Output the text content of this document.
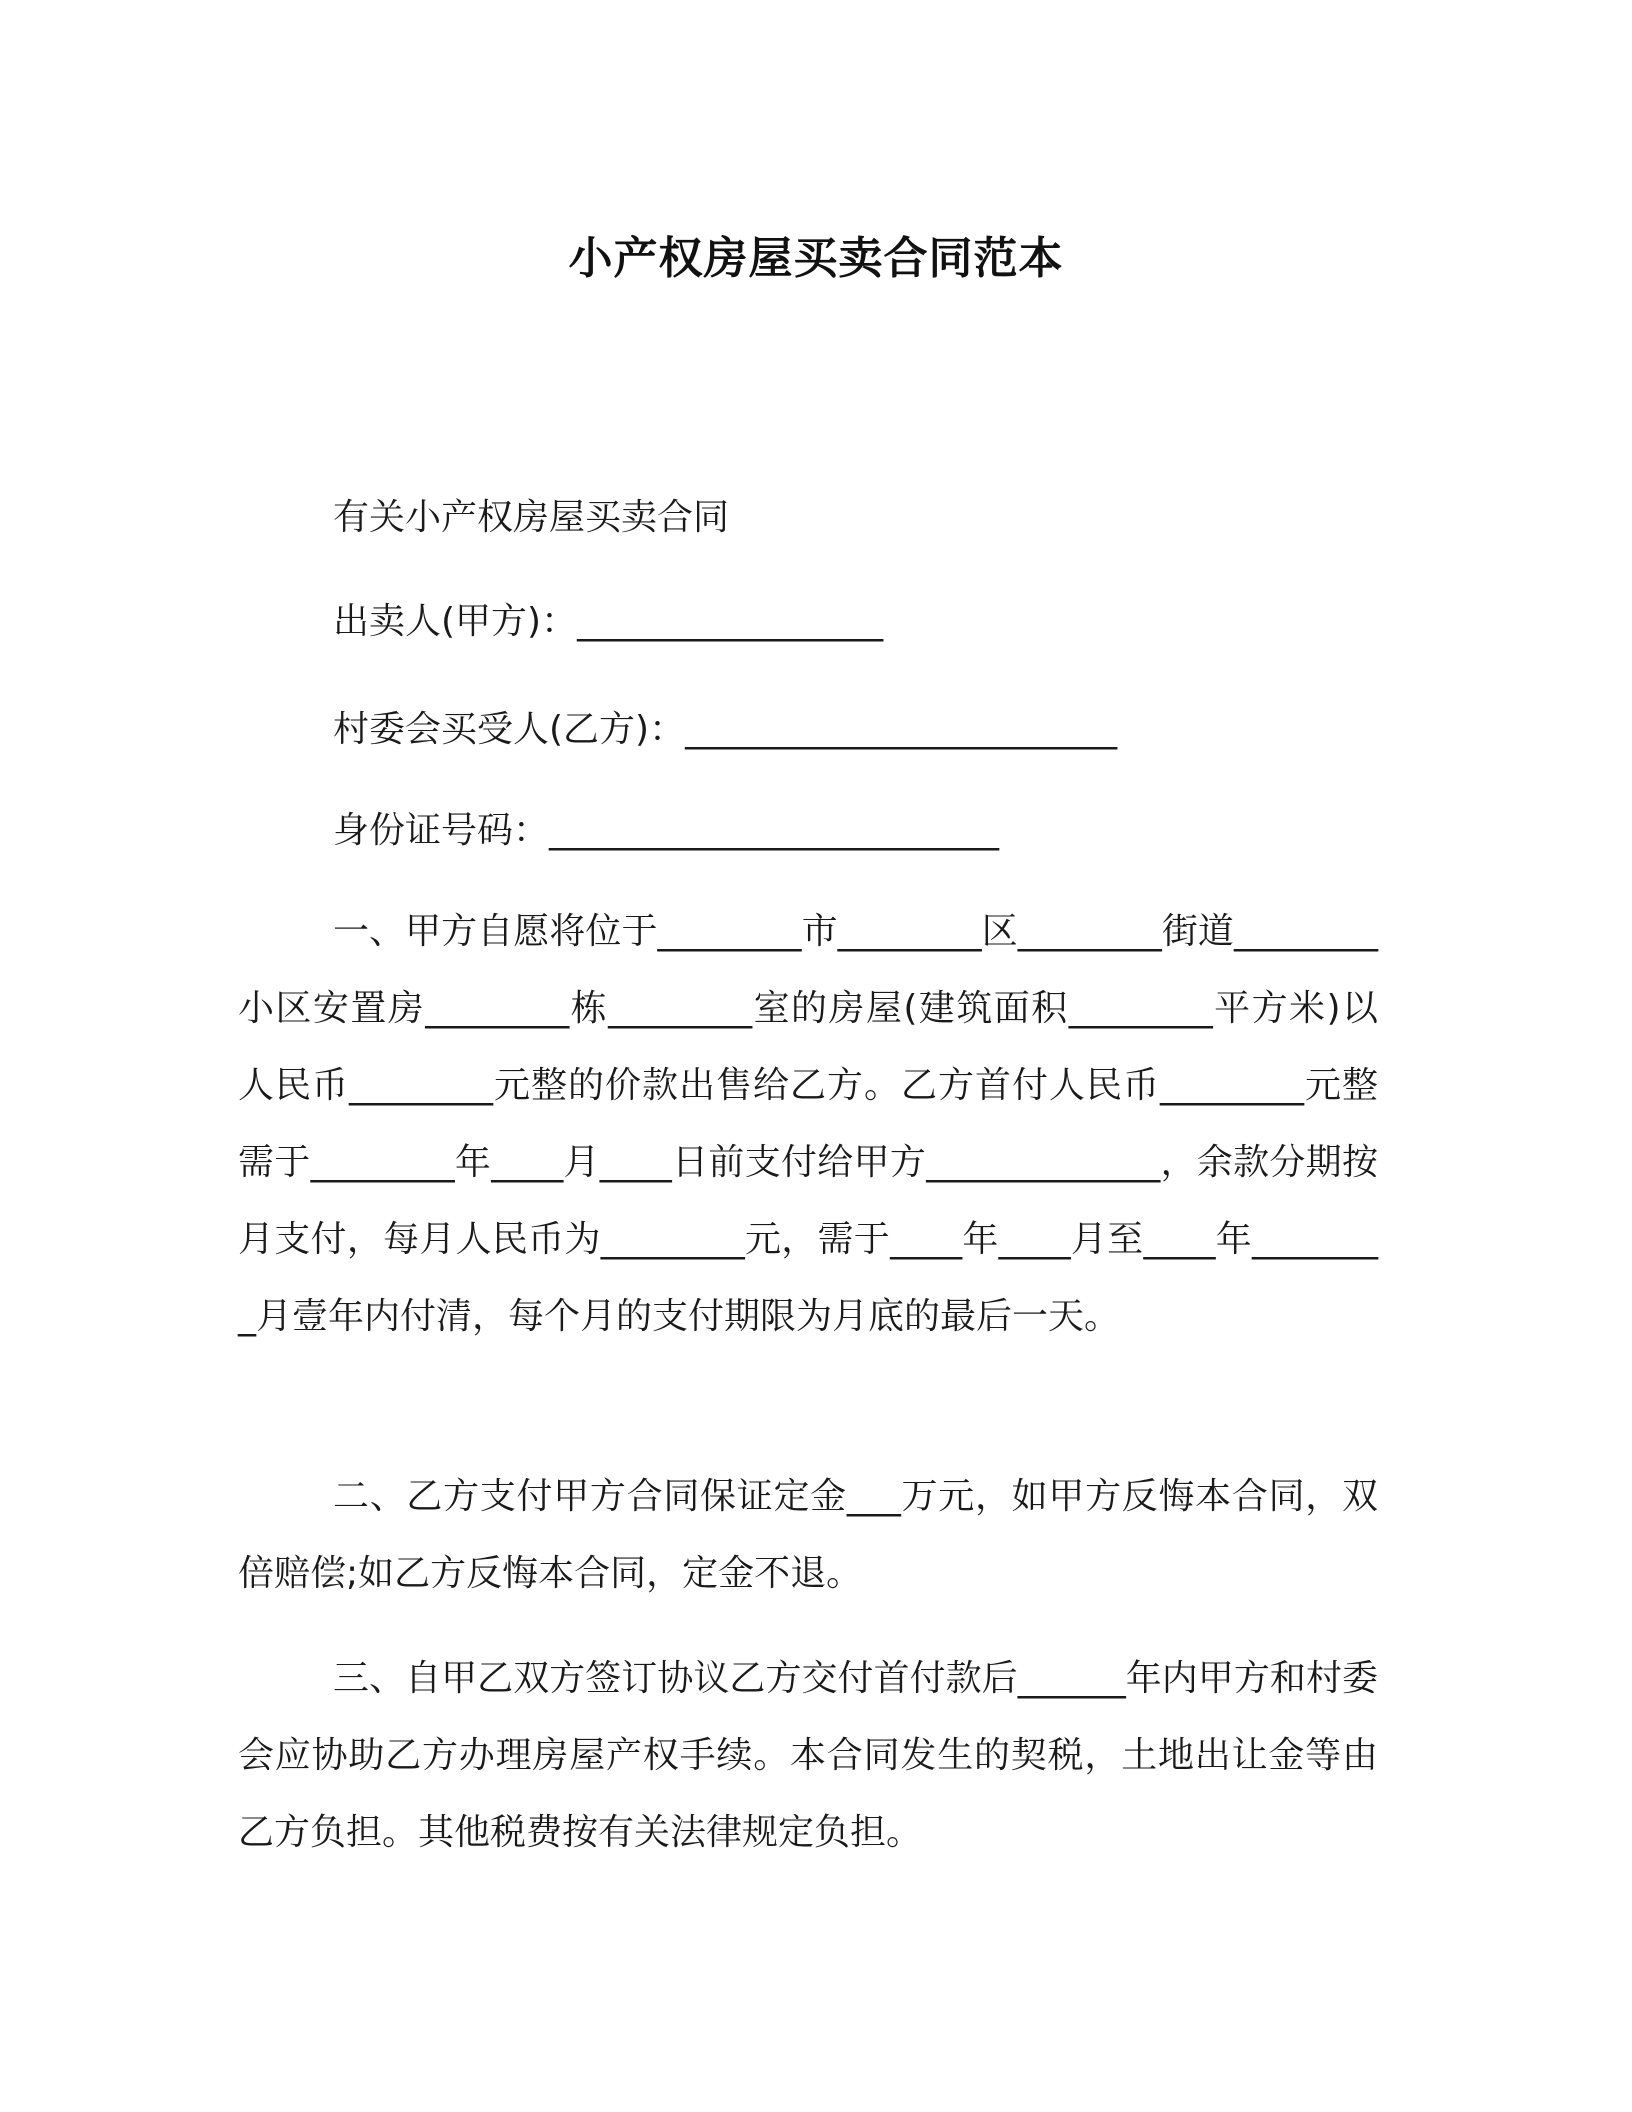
小产权房屋买卖合同范本
有关小产权房屋买卖合同
出卖人(甲方)：_________________
村委会买受人(乙方)：________________________
身份证号码：_________________________

一、甲方自愿将位于________市________区________街道________小区安置房________栋________室的房屋(建筑面积________平方米)以人民币________元整的价款出售给乙方。乙方首付人民币________元整需于________年____月____日前支付给甲方_____________，余款分期按月支付，每月人民币为________元，需于____年____月至____年________月壹年内付清，每个月的支付期限为月底的最后一天。

二、乙方支付甲方合同保证定金___万元，如甲方反悔本合同，双倍赔偿;如乙方反悔本合同，定金不退。

三、自甲乙双方签订协议乙方交付首付款后______年内甲方和村委会应协助乙方办理房屋产权手续。本合同发生的契税，土地出让金等由乙方负担。其他税费按有关法律规定负担。
